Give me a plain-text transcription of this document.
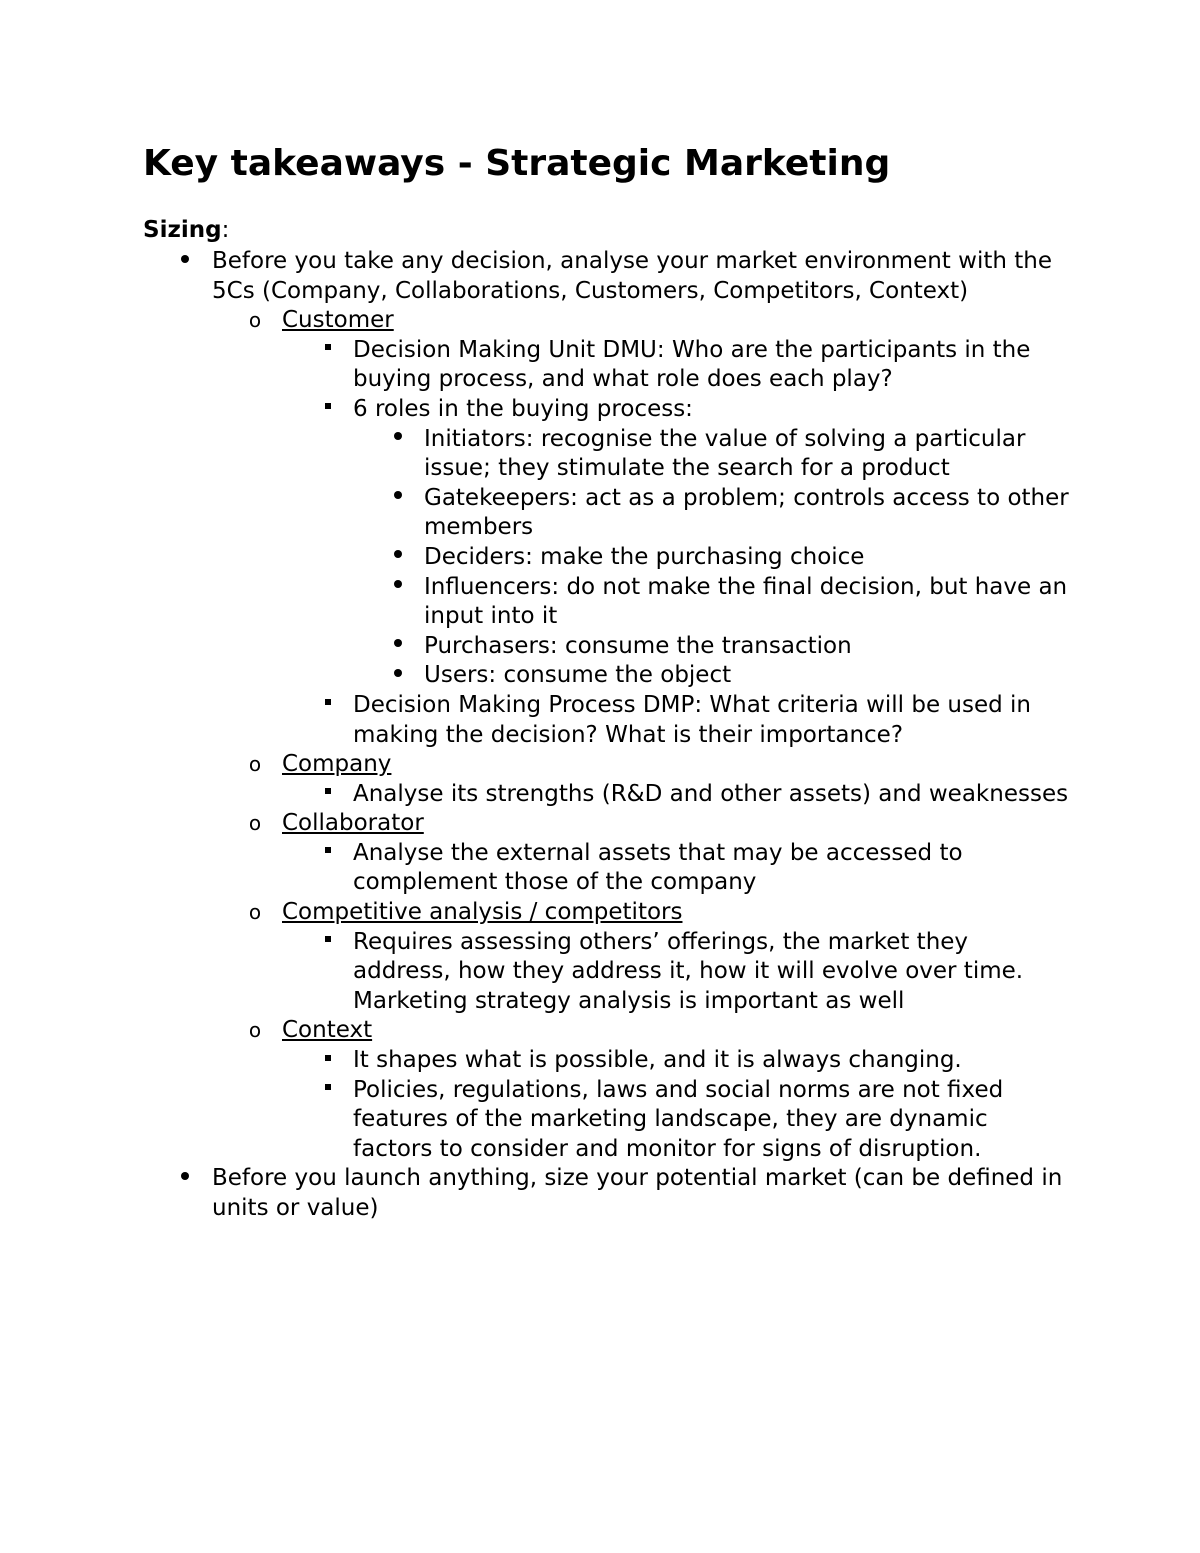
Key takeaways - Strategic Marketing

Sizing:

Before you take any decision, analyse your market environment with the 5Cs (Company, Collaborations, Customers, Competitors, Context)
o Customer
Decision Making Unit DMU: Who are the participants in the buying process, and what role does each play?
6 roles in the buying process:
Initiators: recognise the value of solving a particular issue; they stimulate the search for a product
Gatekeepers: act as a problem; controls access to other members
Deciders: make the purchasing choice
Influencers: do not make the final decision, but have an input into it
Purchasers: consume the transaction
Users: consume the object
Decision Making Process DMP: What criteria will be used in making the decision? What is their importance?
o Company
Analyse its strengths (R&D and other assets) and weaknesses
o Collaborator
Analyse the external assets that may be accessed to complement those of the company
o Competitive analysis / competitors
Requires assessing others’ offerings, the market they address, how they address it, how it will evolve over time. Marketing strategy analysis is important as well
o Context
It shapes what is possible, and it is always changing.
Policies, regulations, laws and social norms are not fixed features of the marketing landscape, they are dynamic factors to consider and monitor for signs of disruption.
Before you launch anything, size your potential market (can be defined in units or value)
